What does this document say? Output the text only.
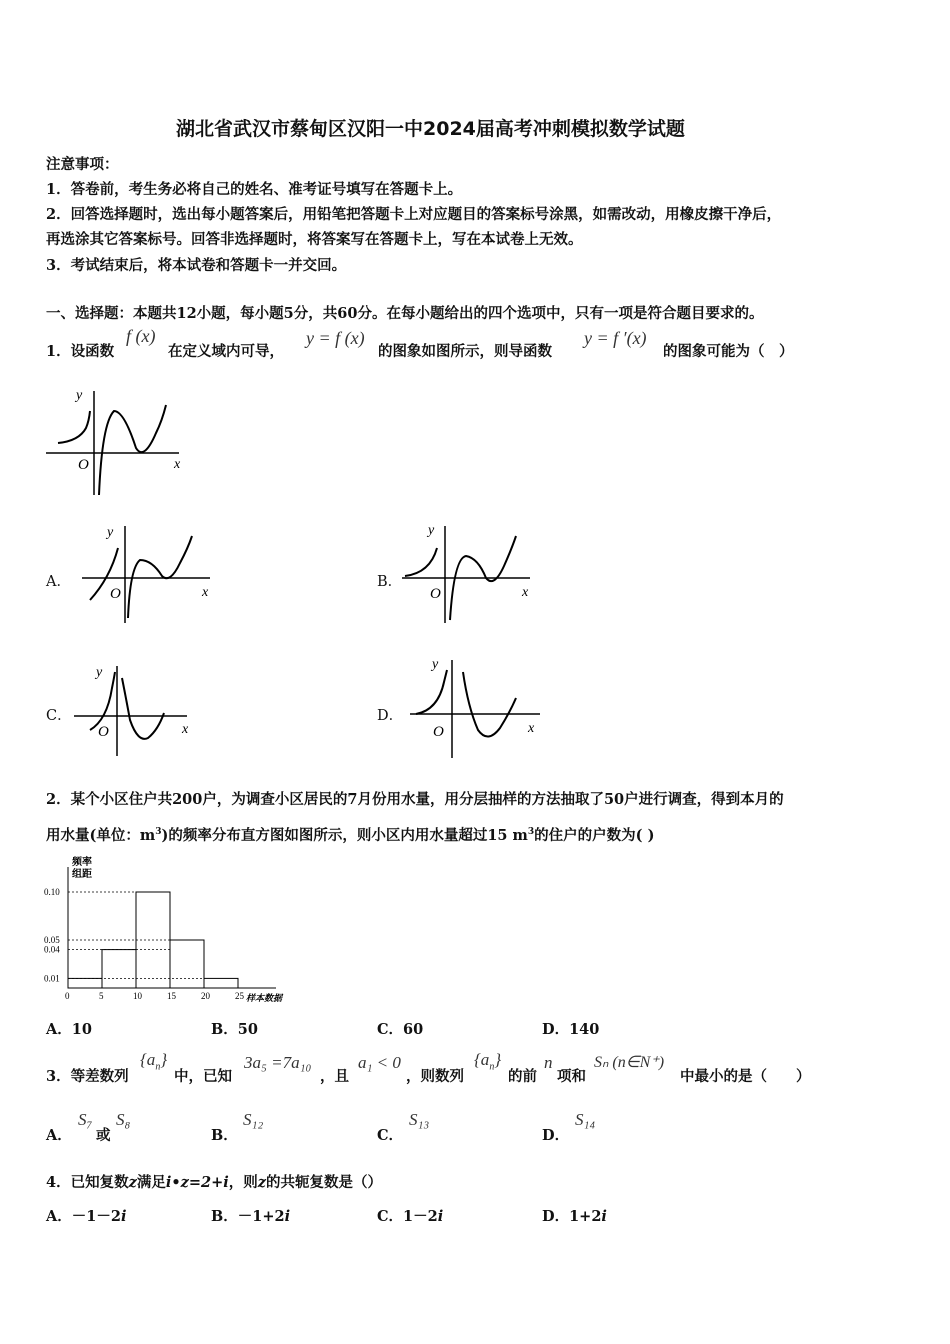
湖北省武汉市蔡甸区汉阳一中2024届高考冲刺模拟数学试题
注意事项：
1．答卷前，考生务必将自己的姓名、准考证号填写在答题卡上。
2．回答选择题时，选出每小题答案后，用铅笔把答题卡上对应题目的答案标号涂黑，如需改动，用橡皮擦干净后，
再选涂其它答案标号。回答非选择题时，将答案写在答题卡上，写在本试卷上无效。
3．考试结束后，将本试卷和答题卡一并交回。
一、选择题：本题共12小题，每小题5分，共60分。在每小题给出的四个选项中，只有一项是符合题目要求的。
1．设函数
f (x)
在定义域内可导，
y = f (x)
的图象如图所示，则导函数
y = f ′(x)
的图象可能为（　）
y
x
O
A．
y
x
O
B．
y
x
O
C．
y
x
O
D．
y
x
O
2．某个小区住户共200户，为调查小区居民的7月份用水量，用分层抽样的方法抽取了50户进行调查，得到本月的
用水量(单位：$m^3$)的频率分布直方图如图所示，则小区内用水量超过15 $m^3$的住户的户数为( )
0.01
0.04
0.05
0.10
0	5	10	15	20	25
频率
组距
样本数据
A．10	B．50	C．60	D．140
3．等差数列
$\{a_n\}$
中，已知
3a₅ =7a₁₀
，且
a₁ < 0
，则数列
$\{a_n\}$
的前
n
项和
Sₙ (n∈N⁺)
中最小的是（　　）
A．
S₇
或
S₈
B．
S₁₂
C．
S₁₃
D．
S₁₄
4．已知复数z满足i•z=2+i，则z的共轭复数是（）
A．－1－2i	B．－1+2i	C．1－2i	D．1+2i
